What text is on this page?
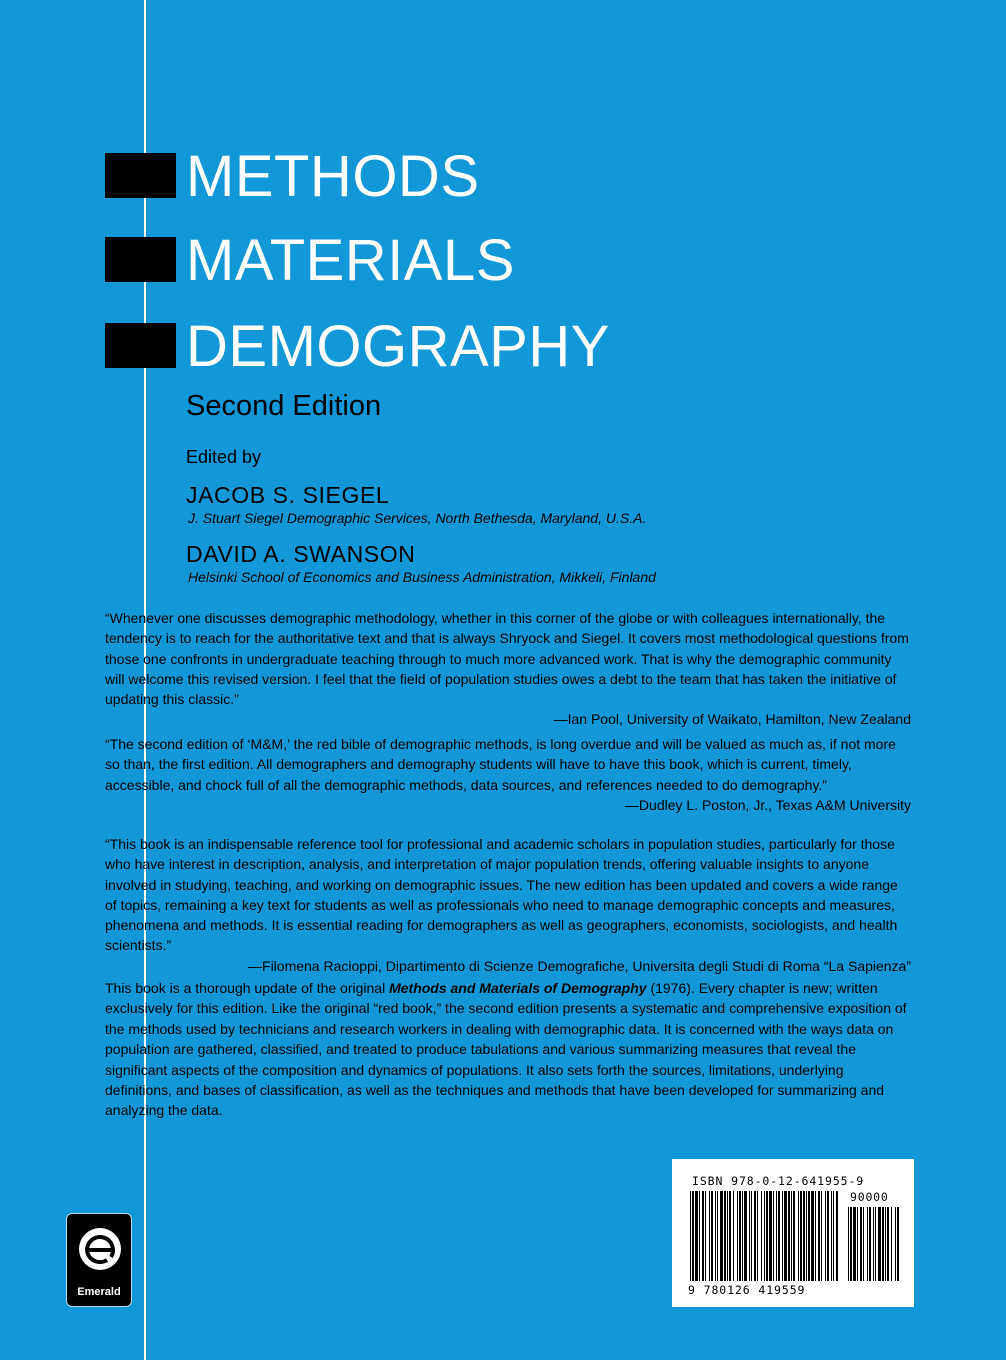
METHODS
MATERIALS
DEMOGRAPHY
Second Edition
Edited by
JACOB S. SIEGEL
J. Stuart Siegel Demographic Services, North Bethesda, Maryland, U.S.A.
DAVID A. SWANSON
Helsinki School of Economics and Business Administration, Mikkeli, Finland

“Whenever one discusses demographic methodology, whether in this corner of the globe or with colleagues internationally, the tendency is to reach for the authoritative text and that is always Shryock and Siegel. It covers most methodological questions from those one confronts in undergraduate teaching through to much more advanced work. That is why the demographic community will welcome this revised version. I feel that the field of population studies owes a debt to the team that has taken the initiative of updating this classic.”

—Ian Pool, University of Waikato, Hamilton, New Zealand

“The second edition of ‘M&M,’ the red bible of demographic methods, is long overdue and will be valued as much as, if not more so than, the first edition. All demographers and demography students will have to have this book, which is current, timely, accessible, and chock full of all the demographic methods, data sources, and references needed to do demography.”

—Dudley L. Poston, Jr., Texas A&M University

“This book is an indispensable reference tool for professional and academic scholars in population studies, particularly for those who have interest in description, analysis, and interpretation of major population trends, offering valuable insights to anyone involved in studying, teaching, and working on demographic issues. The new edition has been updated and covers a wide range of topics, remaining a key text for students as well as professionals who need to manage demographic concepts and measures, phenomena and methods. It is essential reading for demographers as well as geographers, economists, sociologists, and health scientists.”

—Filomena Racioppi, Dipartimento di Scienze Demografiche, Universita degli Studi di Roma “La Sapienza”

This book is a thorough update of the original Methods and Materials of Demography (1976). Every chapter is new; written exclusively for this edition. Like the original “red book,” the second edition presents a systematic and comprehensive exposition of the methods used by technicians and research workers in dealing with demographic data. It is concerned with the ways data on population are gathered, classified, and treated to produce tabulations and various summarizing measures that reveal the significant aspects of the composition and dynamics of populations. It also sets forth the sources, limitations, underlying definitions, and bases of classification, as well as the techniques and methods that have been developed for summarizing and analyzing the data.

Emerald
ISBN 978-0-12-641955-9
90000
9 780126 419559
